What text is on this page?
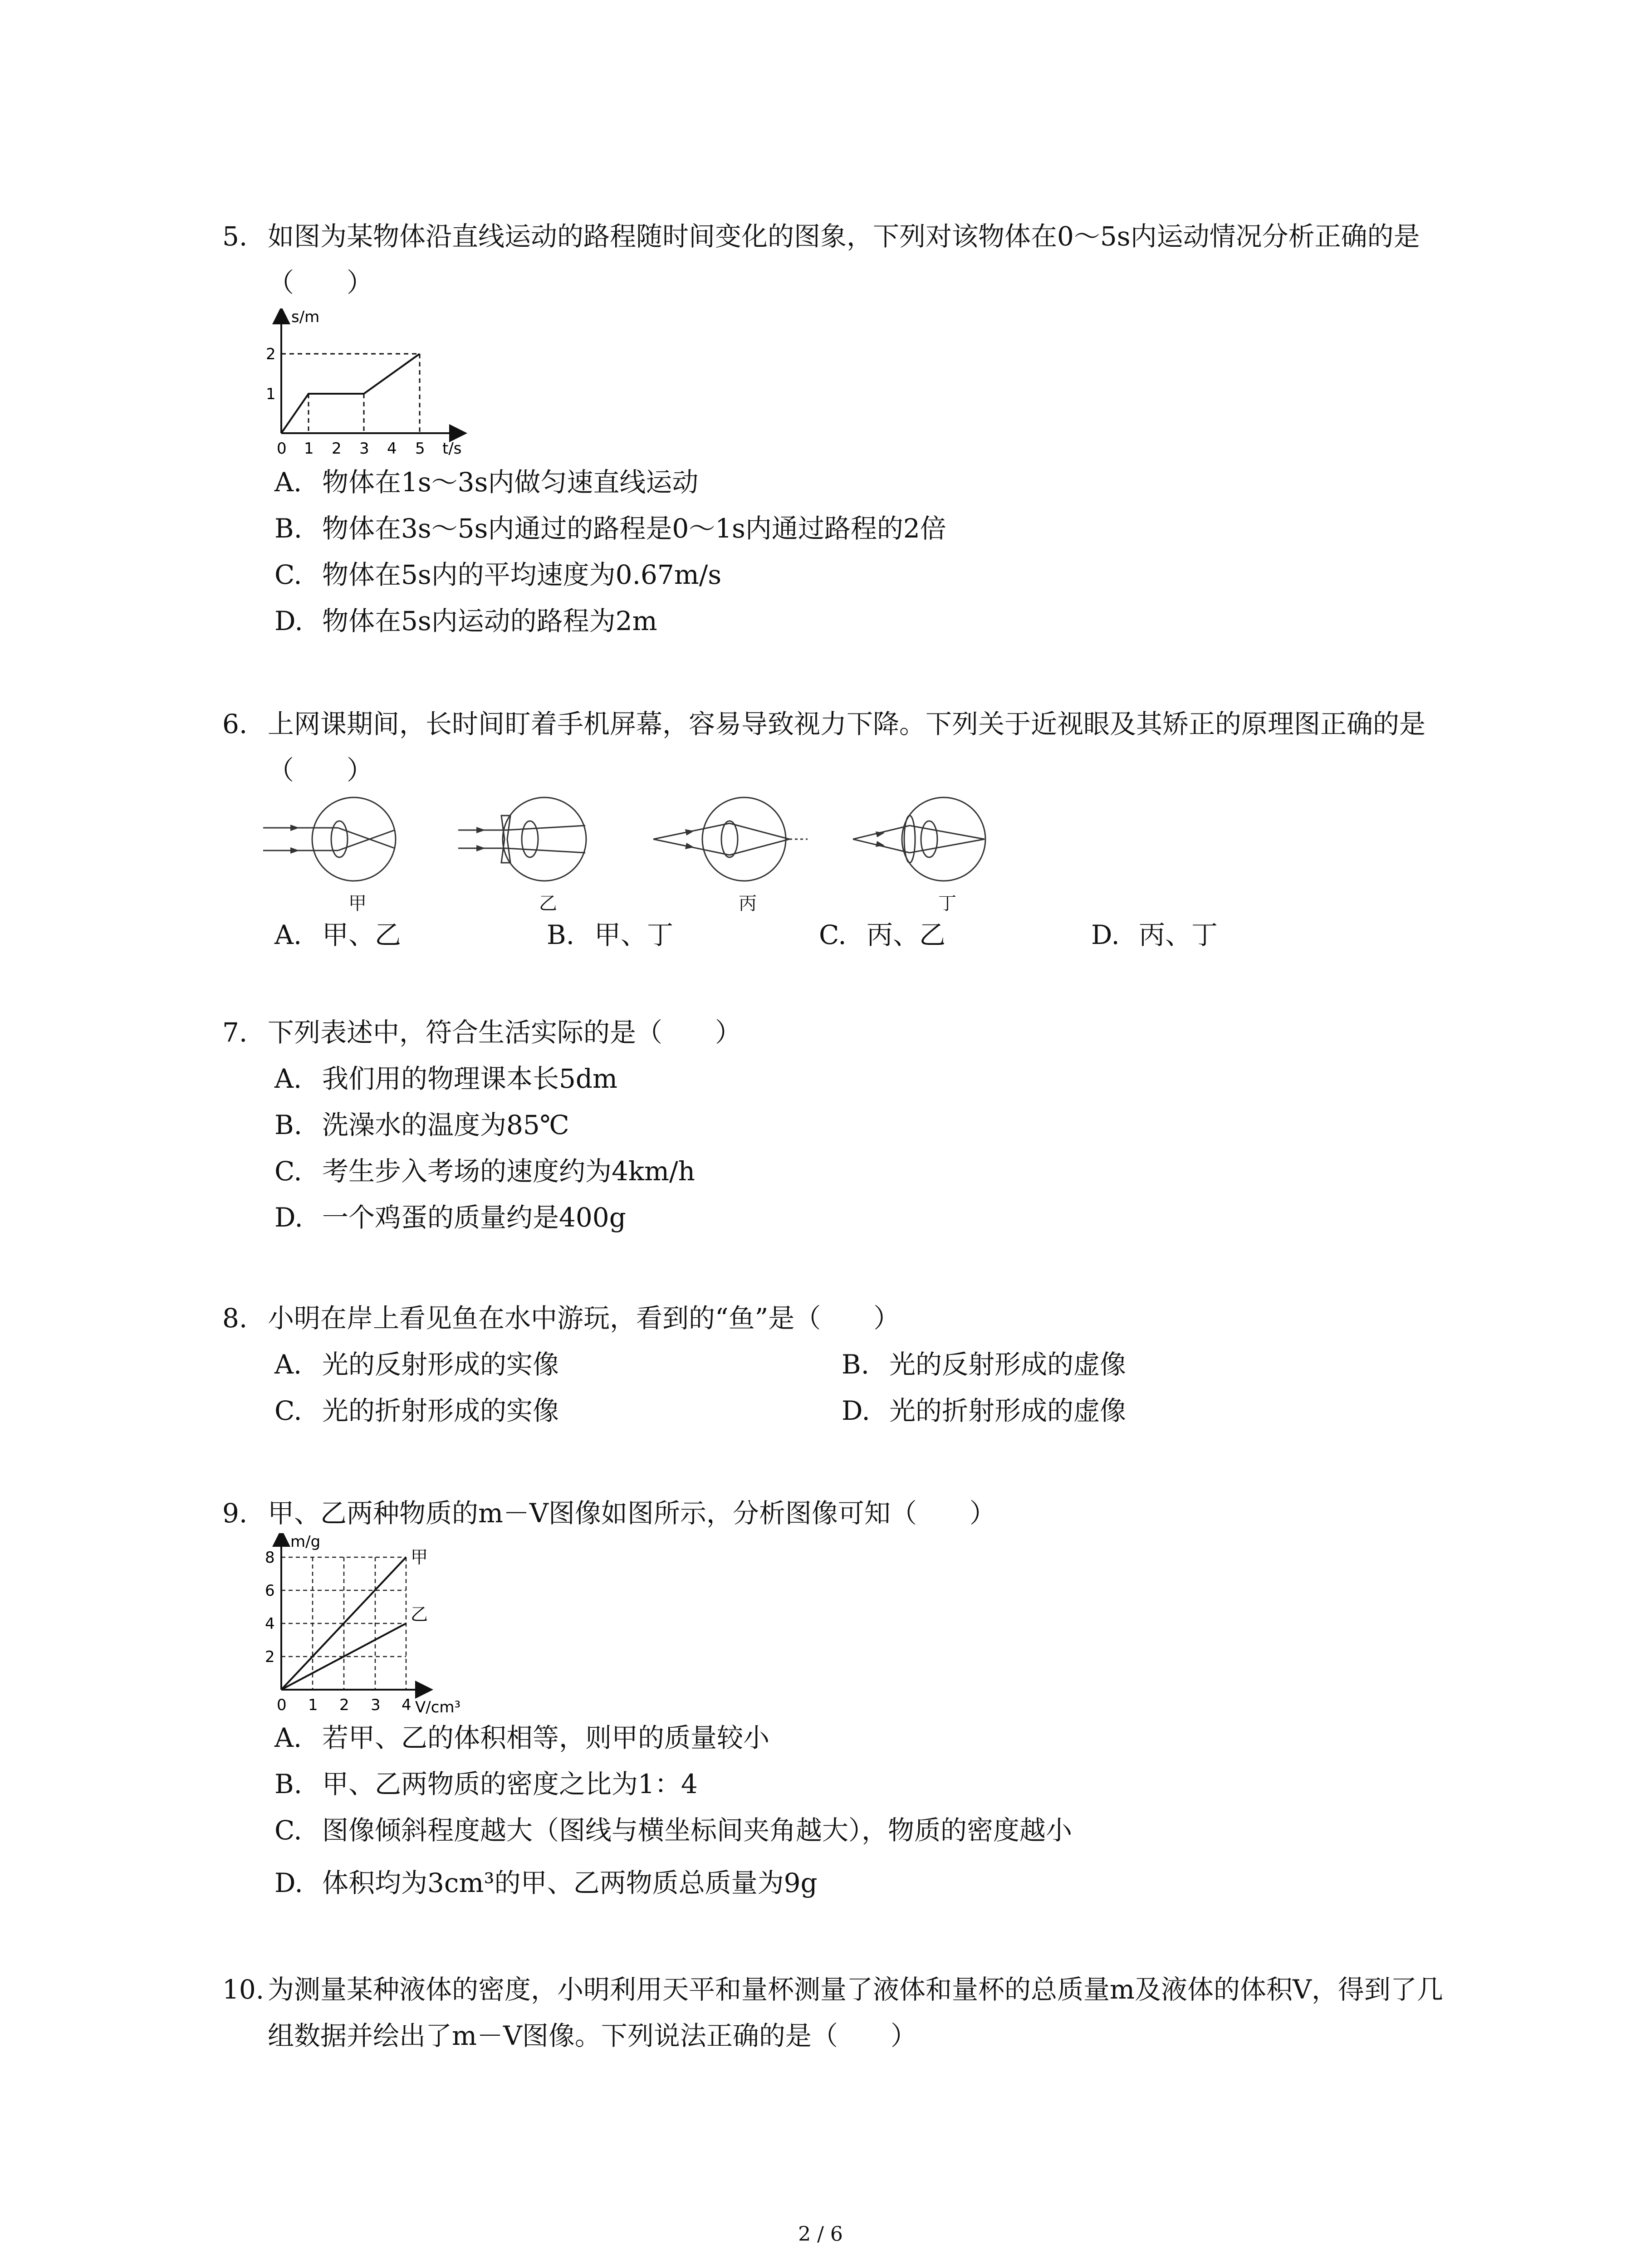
5. 如图为某物体沿直线运动的路程随时间变化的图象，下列对该物体在0～5s内运动情况分析正确的是（　　）
s/m
t/s
2
1
0 1 2 3 4 5
A. 物体在1s～3s内做匀速直线运动
B. 物体在3s～5s内通过的路程是0～1s内通过路程的2倍
C. 物体在5s内的平均速度为0.67m/s
D. 物体在5s内运动的路程为2m
6. 上网课期间，长时间盯着手机屏幕，容易导致视力下降。下列关于近视眼及其矫正的原理图正确的是（　　）
甲	乙	丙	丁
A. 甲、乙	B. 甲、丁	C. 丙、乙	D. 丙、丁
7. 下列表述中，符合生活实际的是（　　）
A. 我们用的物理课本长5dm
B. 洗澡水的温度为85℃
C. 考生步入考场的速度约为4km/h
D. 一个鸡蛋的质量约是400g
8. 小明在岸上看见鱼在水中游玩，看到的“鱼”是（　　）
A. 光的反射形成的实像	B. 光的反射形成的虚像
C. 光的折射形成的实像	D. 光的折射形成的虚像
9. 甲、乙两种物质的m－V图像如图所示，分析图像可知（　　）
m/g
V/cm³
甲
乙
8
6
4
2
0 1 2 3 4
A. 若甲、乙的体积相等，则甲的质量较小
B. 甲、乙两物质的密度之比为1：4
C. 图像倾斜程度越大（图线与横坐标间夹角越大），物质的密度越小
D. 体积均为3cm³的甲、乙两物质总质量为9g
10. 为测量某种液体的密度，小明利用天平和量杯测量了液体和量杯的总质量m及液体的体积V，得到了几组数据并绘出了m－V图像。下列说法正确的是（　　）
2 / 6
